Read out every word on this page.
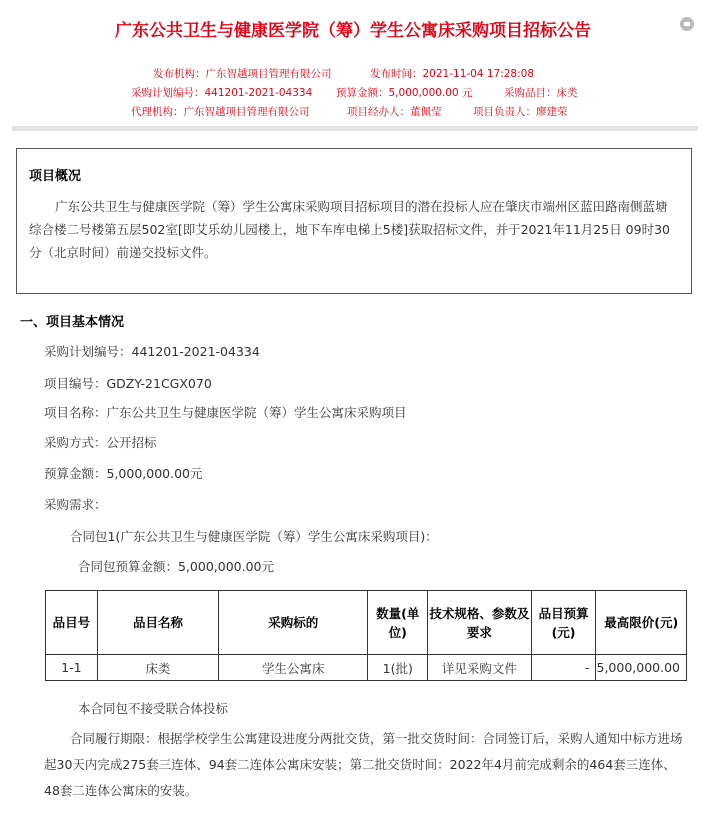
广东公共卫生与健康医学院（筹）学生公寓床采购项目招标公告
发布机构：广东智越项目管理有限公司	发布时间：2021-11-04 17:28:08
采购计划编号：441201-2021-04334 预算金额：5,000,000.00 元	采购品目：床类
代理机构：广东智越项目管理有限公司	项目经办人：董佩莹	项目负责人：廖建荣
项目概况

广东公共卫生与健康医学院（筹）学生公寓床采购项目招标项目的潜在投标人应在肇庆市端州区蓝田路南侧蓝塘综合楼二号楼第五层502室[即艾乐幼儿园楼上，地下车库电梯上5楼]获取招标文件，并于2021年11月25日 09时30分（北京时间）前递交投标文件。

一、项目基本情况
采购计划编号：441201-2021-04334
项目编号：GDZY-21CGX070
项目名称：广东公共卫生与健康医学院（筹）学生公寓床采购项目
采购方式：公开招标
预算金额：5,000,000.00元
采购需求：
合同包1(广东公共卫生与健康医学院（筹）学生公寓床采购项目)：
合同包预算金额：5,000,000.00元
品目号	品目名称	采购标的	数量(单位)	技术规格、参数及要求	品目预算(元)	最高限价(元)
1-1	床类	学生公寓床	1(批)	详见采购文件	-	5,000,000.00
本合同包不接受联合体投标
合同履行期限：根据学校学生公寓建设进度分两批交货，第一批交货时间：合同签订后，采购人通知中标方进场起30天内完成275套三连体、94套二连体公寓床安装；第二批交货时间：2022年4月前完成剩余的464套三连体、48套二连体公寓床的安装。
